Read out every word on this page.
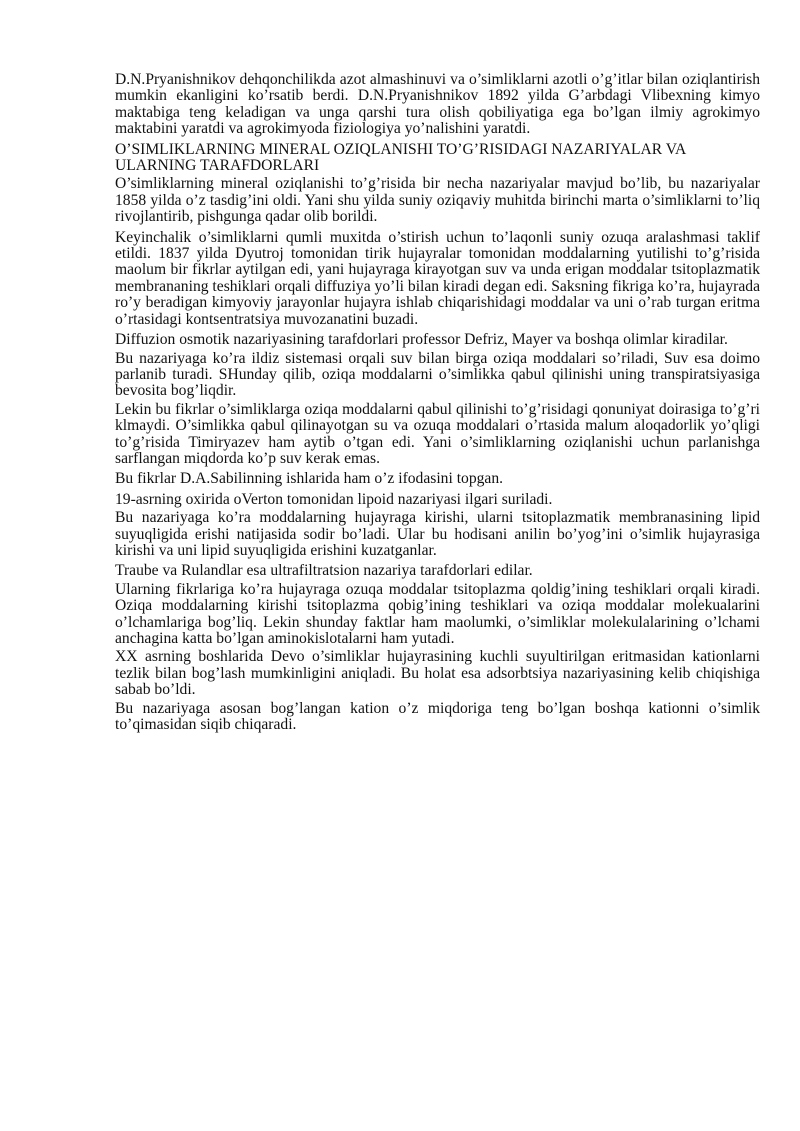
D.N.Pryanishnikov dehqonchilikda azot almashinuvi va o’simliklarni azotli o’g’itlar bilan oziqlantirish mumkin ekanligini ko’rsatib berdi. D.N.Pryanishnikov 1892 yilda G’arbdagi Vlibexning kimyo maktabiga teng keladigan va unga qarshi tura olish qobiliyatiga ega bo’lgan ilmiy agrokimyo maktabini yaratdi va agrokimyoda fiziologiya yo’nalishini yaratdi.

O’SIMLIKLARNING MINERAL OZIQLANISHI TO’G’RISIDAGI NAZARIYALAR VA ULARNING TARAFDORLARI

O’simliklarning mineral oziqlanishi to’g’risida bir necha nazariyalar mavjud bo’lib, bu nazariyalar 1858 yilda o’z tasdig’ini oldi. Yani shu yilda suniy oziqaviy muhitda birinchi marta o’simliklarni to’liq rivojlantirib, pishgunga qadar olib borildi.

Keyinchalik o’simliklarni qumli muxitda o’stirish uchun to’laqonli suniy ozuqa aralashmasi taklif etildi. 1837 yilda Dyutroj tomonidan tirik hujayralar tomonidan moddalarning yutilishi to’g’risida maolum bir fikrlar aytilgan edi, yani hujayraga kirayotgan suv va unda erigan moddalar tsitoplazmatik membrananing teshiklari orqali diffuziya yo’li bilan kiradi degan edi. Saksning fikriga ko’ra, hujayrada ro’y beradigan kimyoviy jarayonlar hujayra ishlab chiqarishidagi moddalar va uni o’rab turgan eritma o’rtasidagi kontsentratsiya muvozanatini buzadi.

Diffuzion osmotik nazariyasining tarafdorlari professor Defriz, Mayer va boshqa olimlar kiradilar.

Bu nazariyaga ko’ra ildiz sistemasi orqali suv bilan birga oziqa moddalari so’riladi, Suv esa doimo parlanib turadi. SHunday qilib, oziqa moddalarni o’simlikka qabul qilinishi uning transpiratsiyasiga bevosita bog’liqdir.

Lekin bu fikrlar o’simliklarga oziqa moddalarni qabul qilinishi to’g’risidagi qonuniyat doirasiga to’g’ri klmaydi. O’simlikka qabul qilinayotgan su va ozuqa moddalari o’rtasida malum aloqadorlik yo’qligi to’g’risida Timiryazev ham aytib o’tgan edi. Yani o’simliklarning oziqlanishi uchun parlanishga sarflangan miqdorda ko’p suv kerak emas.

Bu fikrlar D.A.Sabilinning ishlarida ham o’z ifodasini topgan.

19-asrning oxirida oVerton tomonidan lipoid nazariyasi ilgari suriladi.

Bu nazariyaga ko’ra moddalarning hujayraga kirishi, ularni tsitoplazmatik membranasining lipid suyuqligida erishi natijasida sodir bo’ladi. Ular bu hodisani anilin bo’yog’ini o’simlik hujayrasiga kirishi va uni lipid suyuqligida erishini kuzatganlar.

Traube va Rulandlar esa ultrafiltratsion nazariya tarafdorlari edilar.

Ularning fikrlariga ko’ra hujayraga ozuqa moddalar tsitoplazma qoldig’ining teshiklari orqali kiradi. Oziqa moddalarning kirishi tsitoplazma qobig’ining teshiklari va oziqa moddalar molekualarini o’lchamlariga bog’liq. Lekin shunday faktlar ham maolumki, o’simliklar molekulalarining o’lchami anchagina katta bo’lgan aminokislotalarni ham yutadi.

XX asrning boshlarida Devo o’simliklar hujayrasining kuchli suyultirilgan eritmasidan kationlarni tezlik bilan bog’lash mumkinligini aniqladi. Bu holat esa adsorbtsiya nazariyasining kelib chiqishiga sabab bo’ldi.

Bu nazariyaga asosan bog’langan kation o’z miqdoriga teng bo’lgan boshqa kationni o’simlik to’qimasidan siqib chiqaradi.
